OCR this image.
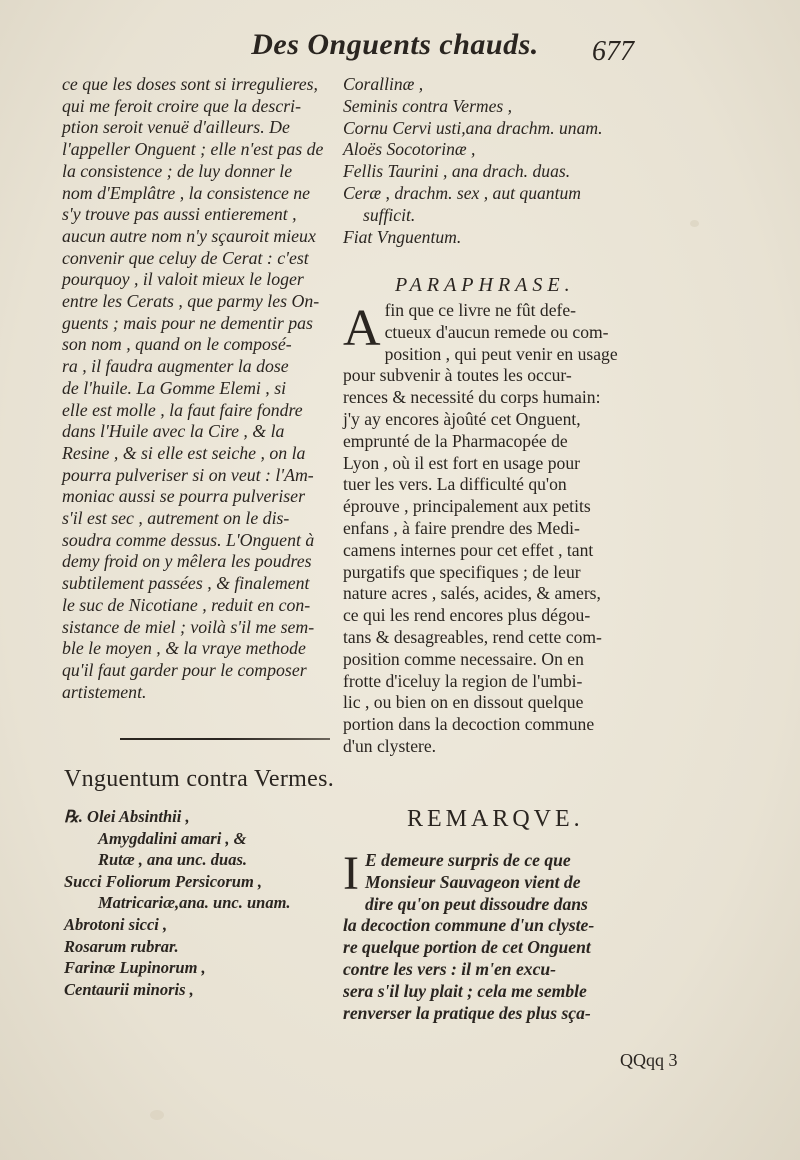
Des Onguents chauds.	677
ce que les doses sont si irregulieres,
qui me feroit croire que la descri-
ption seroit venuë d'ailleurs. De
l'appeller Onguent ; elle n'est pas de
la consistence ; de luy donner le
nom d'Emplâtre , la consistence ne
s'y trouve pas aussi entierement ,
aucun autre nom n'y sçauroit mieux
convenir que celuy de Cerat : c'est
pourquoy , il valoit mieux le loger
entre les Cerats , que parmy les On-
guents ; mais pour ne dementir pas
son nom , quand on le composé-
ra , il faudra augmenter la dose
de l'huile. La Gomme Elemi , si
elle est molle , la faut faire fondre
dans l'Huile avec la Cire , & la
Resine , & si elle est seiche , on la
pourra pulveriser si on veut : l'Am-
moniac aussi se pourra pulveriser
s'il est sec , autrement on le dis-
soudra comme dessus. L'Onguent à
demy froid on y mêlera les poudres
subtilement passées , & finalement
le suc de Nicotiane , reduit en con-
sistance de miel ; voilà s'il me sem-
ble le moyen , & la vraye methode
qu'il faut garder pour le composer
artistement.
Vnguentum contra Vermes.
℞. Olei Absinthii ,
Amygdalini amari , &
Rutæ , ana unc. duas.
Succi Foliorum Persicorum ,
Matricariæ,ana. unc. unam.
Abrotoni sicci ,
Rosarum rubrar.
Farinæ Lupinorum ,
Centaurii minoris ,
Corallinæ ,
Seminis contra Vermes ,
Cornu Cervi usti,ana drachm. unam.
Aloës Socotorinæ ,
Fellis Taurini , ana drach. duas.
Ceræ , drachm. sex , aut quantum
sufficit.
Fiat Vnguentum.
PARAPHRASE.
A fin que ce livre ne fût defe-
ctueux d'aucun remede ou com-
position , qui peut venir en usage
pour subvenir à toutes les occur-
rences & necessité du corps humain:
j'y ay encores àjoûté cet Onguent,
emprunté de la Pharmacopée de
Lyon , où il est fort en usage pour
tuer les vers. La difficulté qu'on
éprouve , principalement aux petits
enfans , à faire prendre des Medi-
camens internes pour cet effet , tant
purgatifs que specifiques ; de leur
nature acres , salés, acides, & amers,
ce qui les rend encores plus dégou-
tans & desagreables, rend cette com-
position comme necessaire. On en
frotte d'iceluy la region de l'umbi-
lic , ou bien on en dissout quelque
portion dans la decoction commune
d'un clystere.
REMARQVE.
I E demeure surpris de ce que
Monsieur Sauvageon vient de
dire qu'on peut dissoudre dans
la decoction commune d'un clyste-
re quelque portion de cet Onguent
contre les vers : il m'en excu-
sera s'il luy plait ; cela me semble
renverser la pratique des plus sça-
QQqq 3
